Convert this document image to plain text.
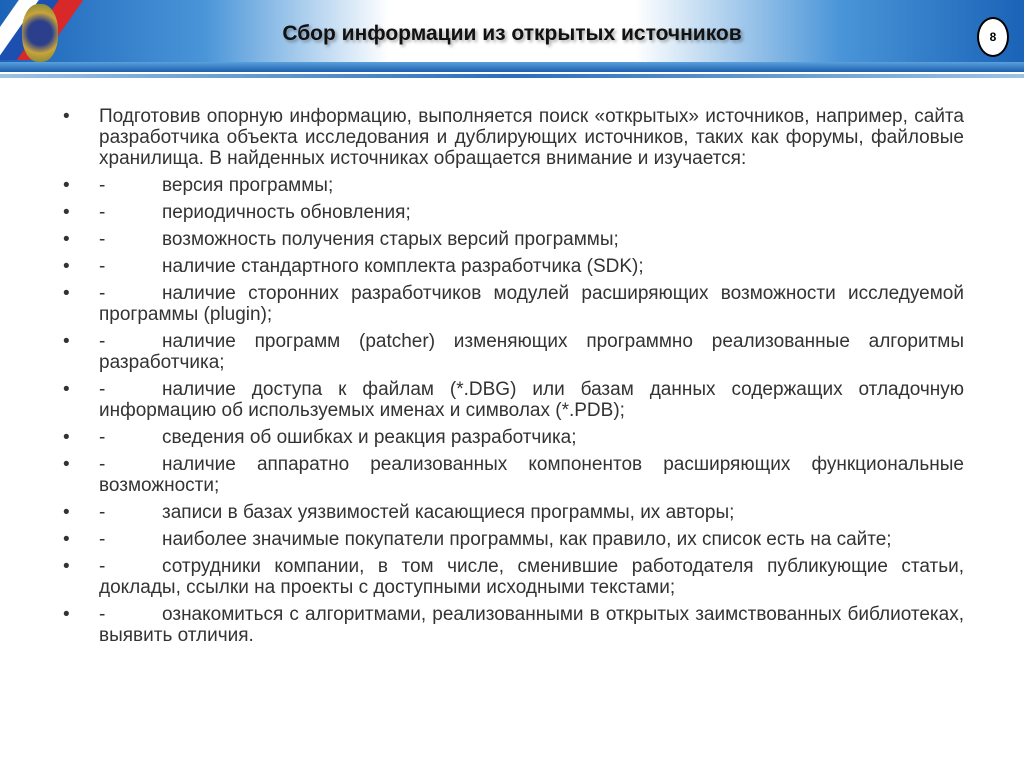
Сбор информации из открытых источников	8
• Подготовив опорную информацию, выполняется поиск «открытых» источников, например, сайта разработчика объекта исследования и дублирующих источников, таких как форумы, файловые хранилища. В найденных источниках обращается внимание и изучается:
• -	версия программы;
• -	периодичность обновления;
• -	возможность получения старых версий программы;
• -	наличие стандартного комплекта разработчика (SDK);
• -	наличие сторонних разработчиков модулей расширяющих возможности исследуемой программы (plugin);
• -	наличие программ (patcher) изменяющих программно реализованные алгоритмы разработчика;
• -	наличие доступа к файлам (*.DBG) или базам данных содержащих отладочную информацию об используемых именах и символах (*.PDB);
• -	сведения об ошибках и реакция разработчика;
• -	наличие аппаратно реализованных компонентов расширяющих функциональные возможности;
• -	записи в базах уязвимостей касающиеся программы, их авторы;
• -	наиболее значимые покупатели программы, как правило, их список есть на сайте;
• -	сотрудники компании, в том числе, сменившие работодателя публикующие статьи, доклады, ссылки на проекты с доступными исходными текстами;
• -	ознакомиться с алгоритмами, реализованными в открытых заимствованных библиотеках, выявить отличия.
